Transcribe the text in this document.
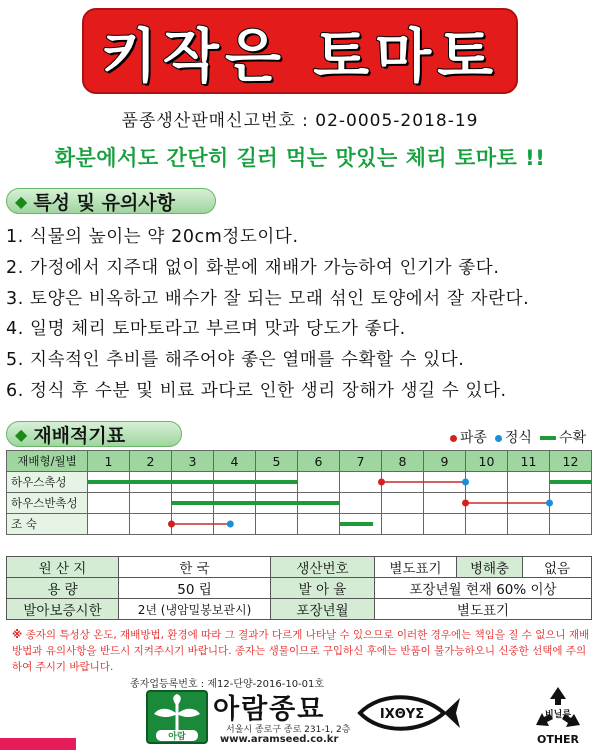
키작은 토마토
품종생산판매신고번호 : 02-0005-2018-19
화분에서도 간단히 길러 먹는 맛있는 체리 토마토 !!
◆ 특성 및 유의사항
1. 식물의 높이는 약 20cm정도이다.
2. 가정에서 지주대 없이 화분에 재배가 가능하여 인기가 좋다.
3. 토양은 비옥하고 배수가 잘 되는 모래 섞인 토양에서 잘 자란다.
4. 일명 체리 토마토라고 부르며 맛과 당도가 좋다.
5. 지속적인 추비를 해주어야 좋은 열매를 수확할 수 있다.
6. 정식 후 수분 및 비료 과다로 인한 생리 장해가 생길 수 있다.
◆ 재배적기표	파종	정식	수확
재배형/월별	1	2	3	4	5	6	7	8	9	10	11	12
하우스촉성												
하우스반촉성												
조 숙												
원 산 지	한 국	생산번호	별도표기	병해충	없음
용 량	50 립	발 아 율	포장년월 현재 60% 이상		
발아보증시한	2년 (냉암밀봉보관시)	포장년월	별도표기		
※ 종자의 특성상 온도, 재배방법, 환경에 따라 그 결과가 다르게 나타날 수 있으므로 이러한 경우에는 책임을 질 수 없으니 재배방법과 유의사항을 반드시 지켜주시기 바랍니다. 종자는 생물이므로 구입하신 후에는 반품이 불가능하오니 신중한 선택에 주의하여 주시기 바랍니다.
종자업등록번호 : 제12-단양-2016-10-01호
아람
아람종묘
서울시 종로구 종로 231-1, 2층
www.aramseed.co.kr
IXΘYΣ	비닐류
OTHER
